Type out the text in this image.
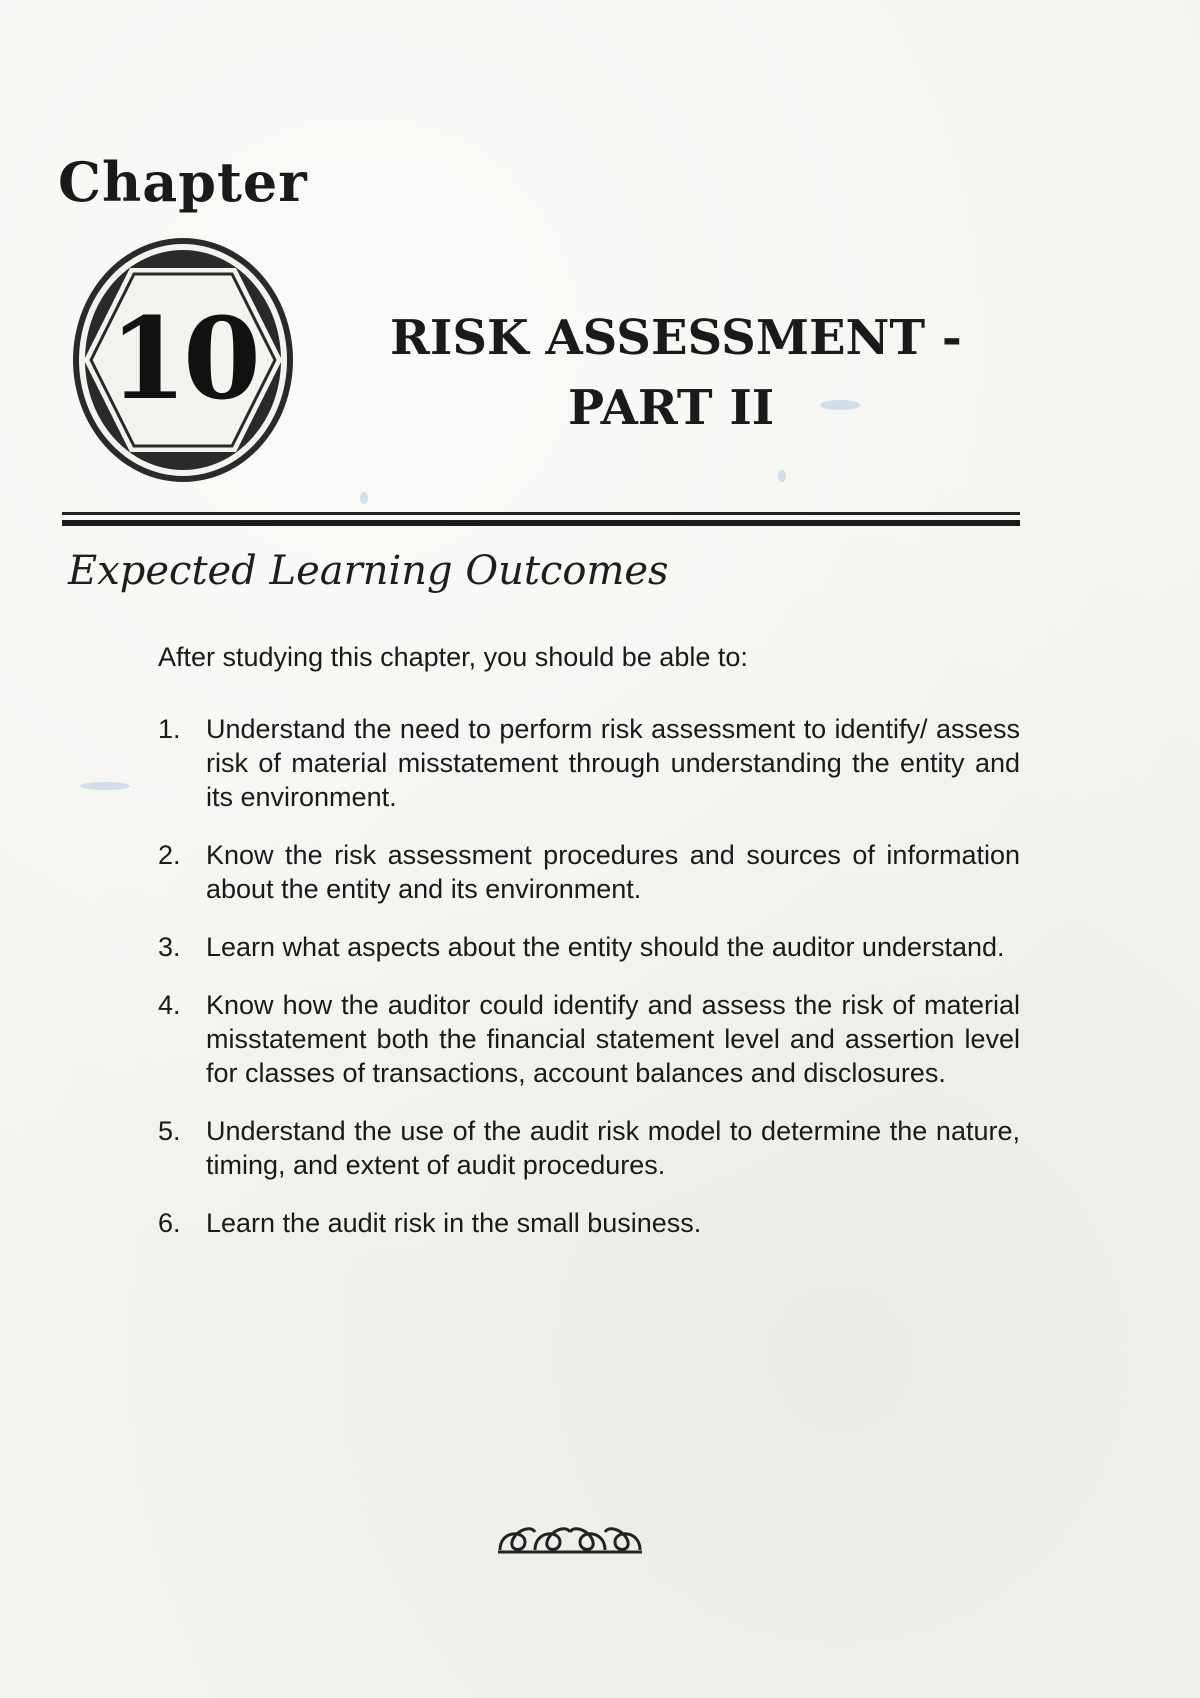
Chapter
10	RISK ASSESSMENT -
PART II
Expected Learning Outcomes
After studying this chapter, you should be able to:
1. Understand the need to perform risk assessment to identify/ assess risk of material misstatement through understanding the entity and its environment.
2. Know the risk assessment procedures and sources of information about the entity and its environment.
3. Learn what aspects about the entity should the auditor understand.
4. Know how the auditor could identify and assess the risk of material misstatement both the financial statement level and assertion level for classes of transactions, account balances and disclosures.
5. Understand the use of the audit risk model to determine the nature, timing, and extent of audit procedures.
6. Learn the audit risk in the small business.
